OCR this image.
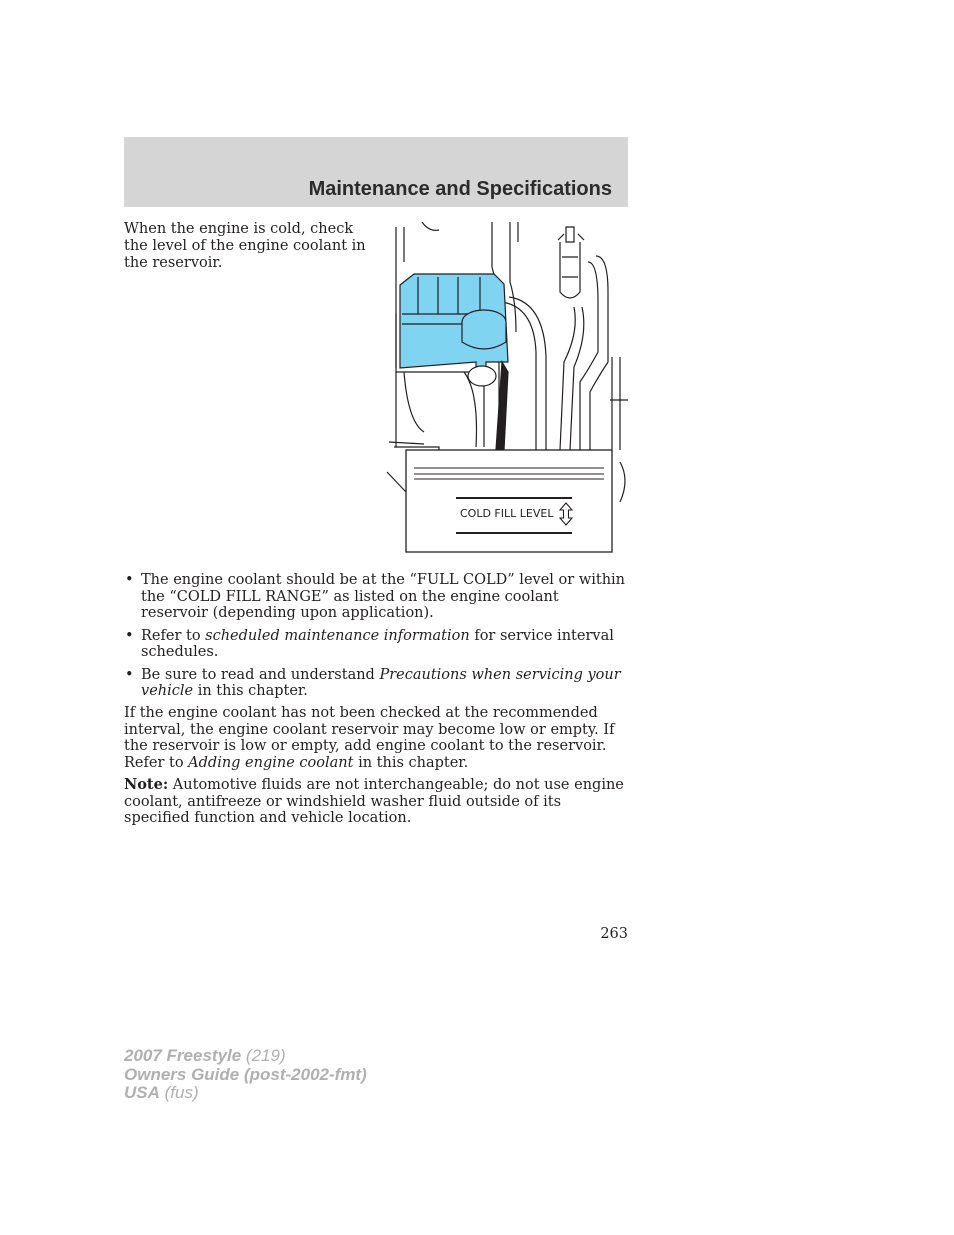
Maintenance and Specifications
When the engine is cold, check the level of the engine coolant in the reservoir.
COLD FILL LEVEL
• The engine coolant should be at the “FULL COLD” level or within the “COLD FILL RANGE” as listed on the engine coolant reservoir (depending upon application).
• Refer to scheduled maintenance information for service interval schedules.
• Be sure to read and understand Precautions when servicing your vehicle in this chapter.

If the engine coolant has not been checked at the recommended interval, the engine coolant reservoir may become low or empty. If the reservoir is low or empty, add engine coolant to the reservoir. Refer to Adding engine coolant in this chapter.

Note: Automotive fluids are not interchangeable; do not use engine coolant, antifreeze or windshield washer fluid outside of its specified function and vehicle location.

263
2007 Freestyle (219)
Owners Guide (post-2002-fmt)
USA (fus)
